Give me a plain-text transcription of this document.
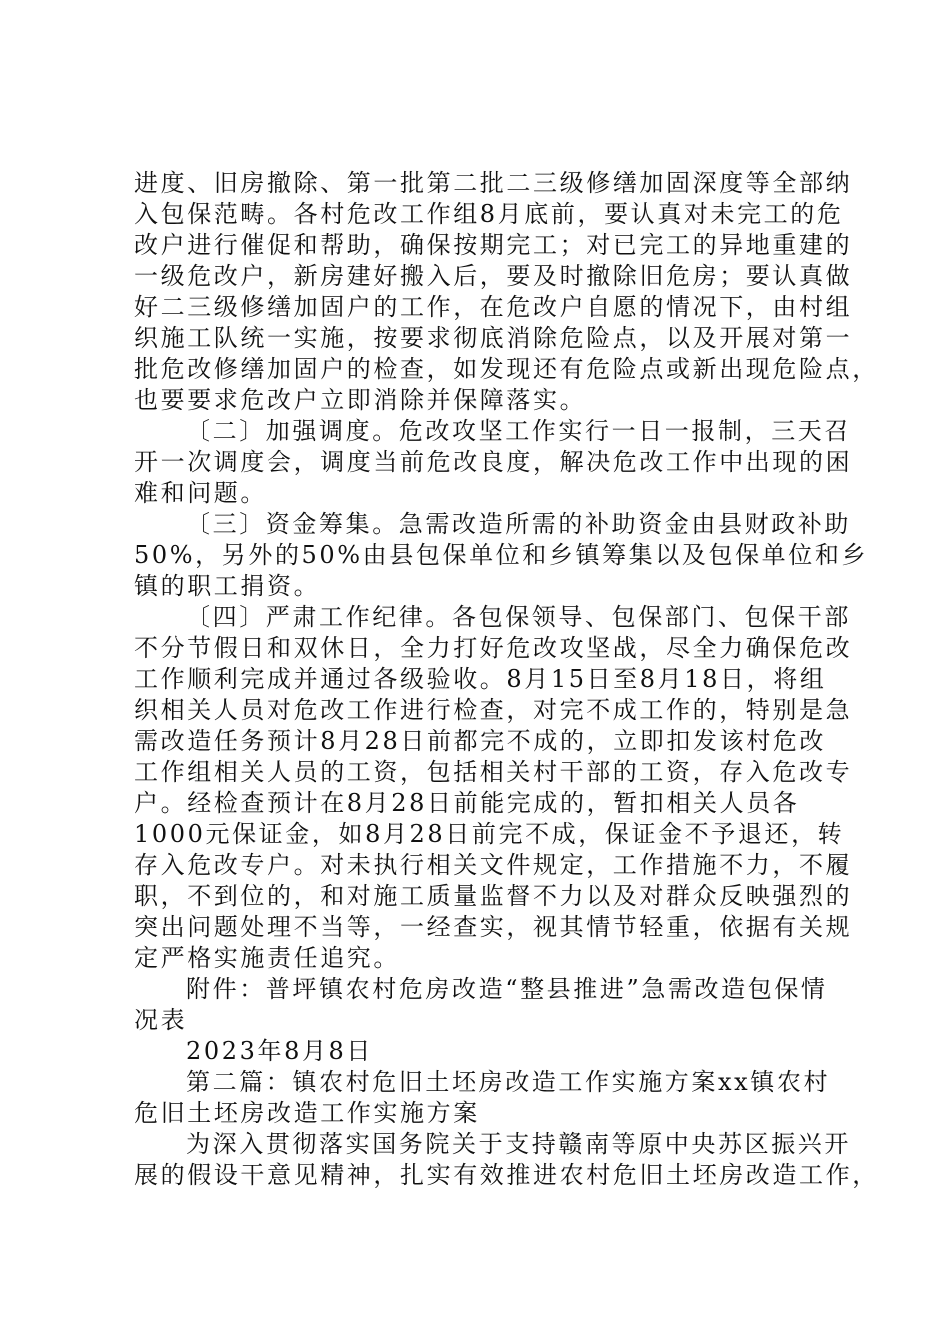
进度、旧房撤除、第一批第二批二三级修缮加固深度等全部纳
入包保范畴。各村危改工作组8月底前，要认真对未完工的危
改户进行催促和帮助，确保按期完工；对已完工的异地重建的
一级危改户，新房建好搬入后，要及时撤除旧危房；要认真做
好二三级修缮加固户的工作，在危改户自愿的情况下，由村组
织施工队统一实施，按要求彻底消除危险点，以及开展对第一
批危改修缮加固户的检查，如发现还有危险点或新出现危险点，
也要要求危改户立即消除并保障落实。
〔二〕加强调度。危改攻坚工作实行一日一报制，三天召
开一次调度会，调度当前危改良度，解决危改工作中出现的困
难和问题。
〔三〕资金筹集。急需改造所需的补助资金由县财政补助
50%，另外的50%由县包保单位和乡镇筹集以及包保单位和乡
镇的职工捐资。
〔四〕严肃工作纪律。各包保领导、包保部门、包保干部
不分节假日和双休日，全力打好危改攻坚战，尽全力确保危改
工作顺利完成并通过各级验收。8月15日至8月18日，将组
织相关人员对危改工作进行检查，对完不成工作的，特别是急
需改造任务预计8月28日前都完不成的，立即扣发该村危改
工作组相关人员的工资，包括相关村干部的工资，存入危改专
户。经检查预计在8月28日前能完成的，暂扣相关人员各
1000元保证金，如8月28日前完不成，保证金不予退还，转
存入危改专户。对未执行相关文件规定，工作措施不力，不履
职，不到位的，和对施工质量监督不力以及对群众反映强烈的
突出问题处理不当等，一经查实，视其情节轻重，依据有关规
定严格实施责任追究。
附件：普坪镇农村危房改造“整县推进”急需改造包保情
况表
2023年8月8日
第二篇：镇农村危旧土坯房改造工作实施方案xx镇农村
危旧土坯房改造工作实施方案
为深入贯彻落实国务院关于支持赣南等原中央苏区振兴开
展的假设干意见精神，扎实有效推进农村危旧土坯房改造工作，
